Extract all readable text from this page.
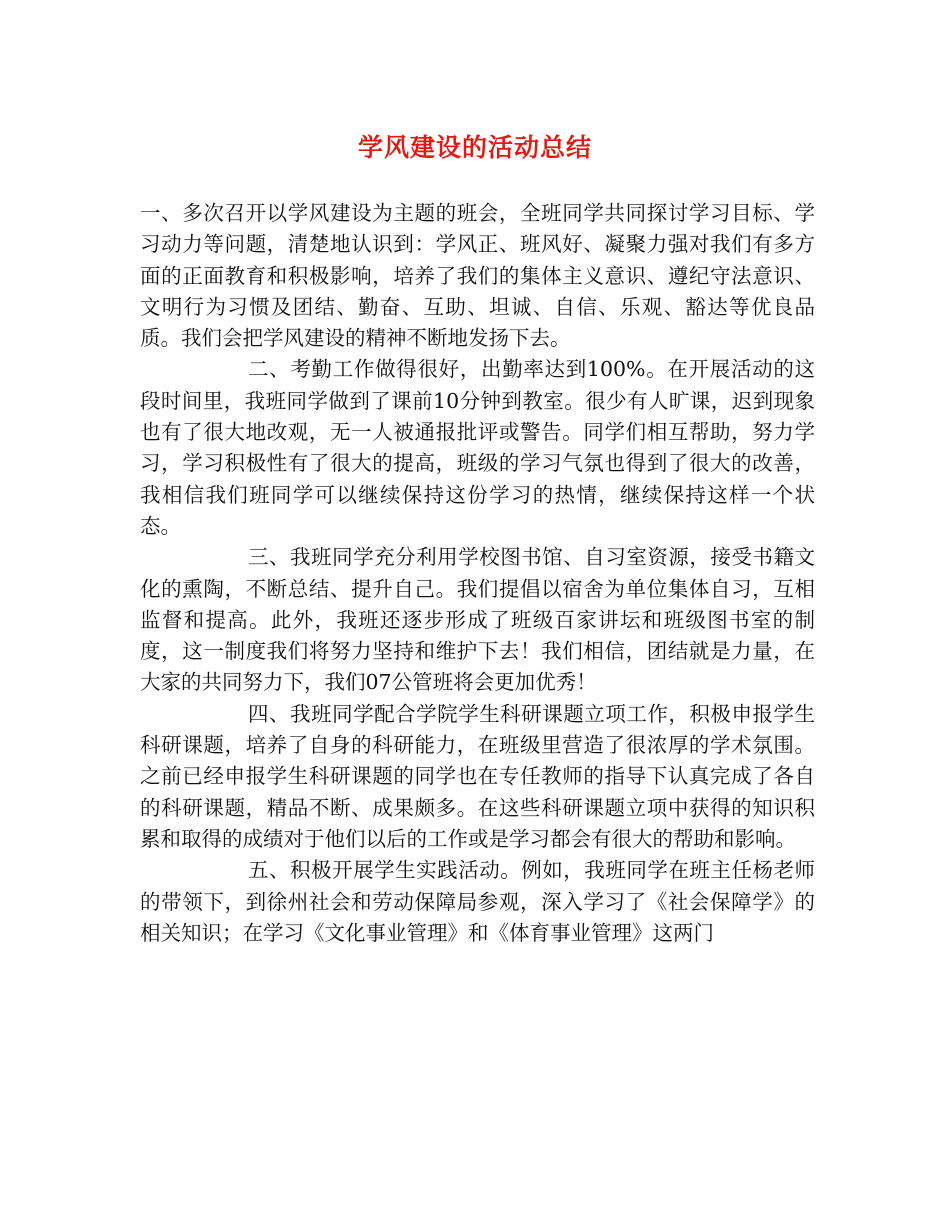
学风建设的活动总结

一、多次召开以学风建设为主题的班会，全班同学共同探讨学习目标、学习动力等问题，清楚地认识到：学风正、班风好、凝聚力强对我们有多方面的正面教育和积极影响，培养了我们的集体主义意识、遵纪守法意识、文明行为习惯及团结、勤奋、互助、坦诚、自信、乐观、豁达等优良品质。我们会把学风建设的精神不断地发扬下去。

二、考勤工作做得很好，出勤率达到100%。在开展活动的这段时间里，我班同学做到了课前10分钟到教室。很少有人旷课，迟到现象也有了很大地改观，无一人被通报批评或警告。同学们相互帮助，努力学习，学习积极性有了很大的提高，班级的学习气氛也得到了很大的改善，我相信我们班同学可以继续保持这份学习的热情，继续保持这样一个状态。

三、我班同学充分利用学校图书馆、自习室资源，接受书籍文化的熏陶，不断总结、提升自己。我们提倡以宿舍为单位集体自习，互相监督和提高。此外，我班还逐步形成了班级百家讲坛和班级图书室的制度，这一制度我们将努力坚持和维护下去！我们相信，团结就是力量，在大家的共同努力下，我们07公管班将会更加优秀！

四、我班同学配合学院学生科研课题立项工作，积极申报学生科研课题，培养了自身的科研能力，在班级里营造了很浓厚的学术氛围。之前已经申报学生科研课题的同学也在专任教师的指导下认真完成了各自的科研课题，精品不断、成果颇多。在这些科研课题立项中获得的知识积累和取得的成绩对于他们以后的工作或是学习都会有很大的帮助和影响。

五、积极开展学生实践活动。例如，我班同学在班主任杨老师的带领下，到徐州社会和劳动保障局参观，深入学习了《社会保障学》的相关知识；在学习《文化事业管理》和《体育事业管理》这两门
